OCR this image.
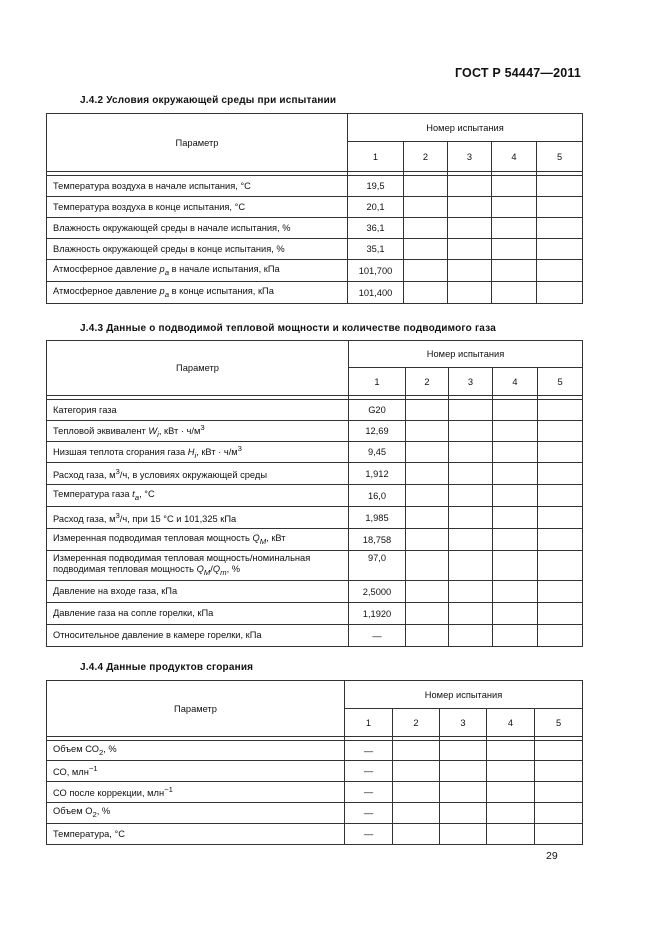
ГОСТ Р 54447—2011
J.4.2 Условия окружающей среды при испытании
Параметр	Номер испытания				
	1	2	3	4	5

Температура воздуха в начале испытания, °С	19,5				
Температура воздуха в конце испытания, °С	20,1				
Влажность окружающей среды в начале испытания, %	36,1				
Влажность окружающей среды в конце испытания, %	35,1				
Атмосферное давление $p_a$ в начале испытания, кПа	101,700				
Атмосферное давление $p_a$ в конце испытания, кПа	101,400				
J.4.3 Данные о подводимой тепловой мощности и количестве подводимого газа
Параметр	Номер испытания				
	1	2	3	4	5

Категория газа	G20				
Тепловой эквивалент $W_i$, кВт · $ч/м^3$	12,69				
Низшая теплота сгорания газа $H_i$, кВт · $ч/м^3$	9,45				
Расход газа, $м^3/ч$, в условиях окружающей среды	1,912				
Температура газа $t_a$, °С	16,0				
Расход газа, $м^3/ч$, при 15 °С и 101,325 кПа	1,985				
Измеренная подводимая тепловая мощность $Q_M$, кВт	18,758				
Измеренная подводимая тепловая мощность/номинальная
подводимая тепловая мощность $Q_M/Q_m$, %	97,0				
Давление на входе газа, кПа	2,5000				
Давление газа на сопле горелки, кПа	1,1920				
Относительное давление в камере горелки, кПа	—				
J.4.4 Данные продуктов сгорания
Параметр	Номер испытания				
	1	2	3	4	5

Объем $СО_2$, %	—				
СО, млн$^{-1}$	—				
СО после коррекции, млн$^{-1}$	—				
Объем $О_2$, %	—				
Температура, °С	—				
29
